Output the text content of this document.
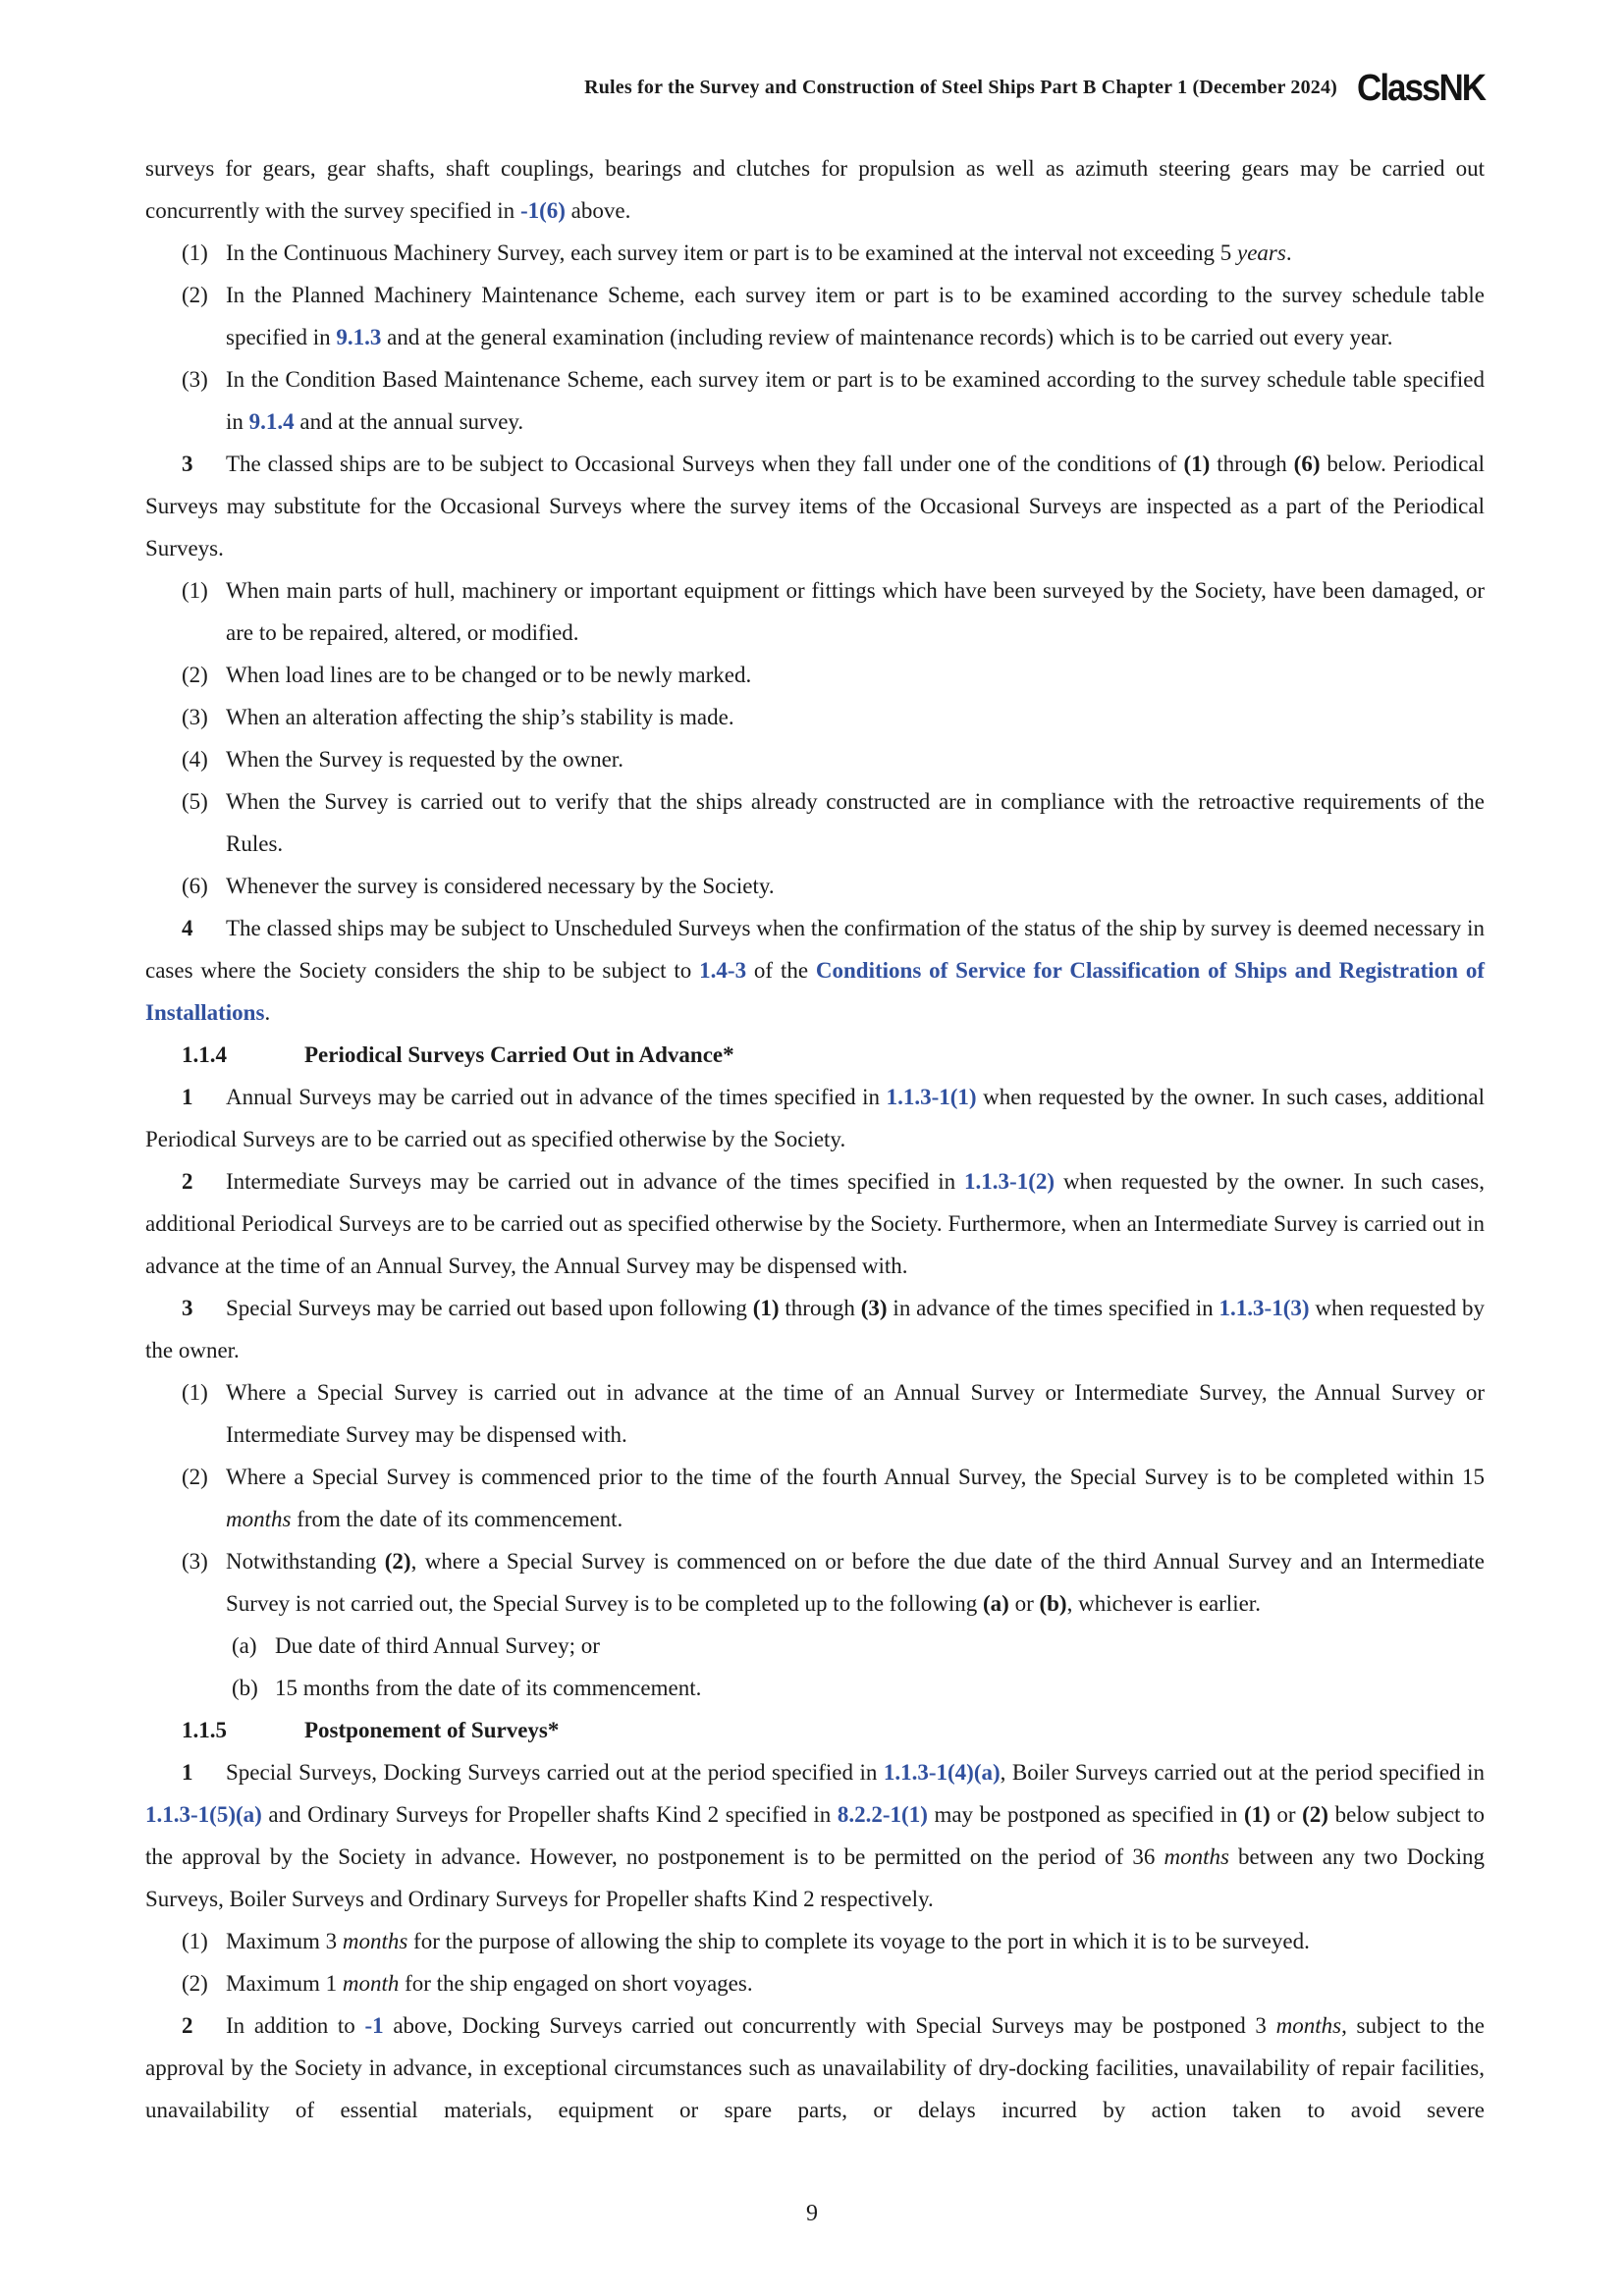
Rules for the Survey and Construction of Steel Ships Part B Chapter 1 (December 2024) ClassNK
surveys for gears, gear shafts, shaft couplings, bearings and clutches for propulsion as well as azimuth steering gears may be carried out concurrently with the survey specified in -1(6) above.
(1) In the Continuous Machinery Survey, each survey item or part is to be examined at the interval not exceeding 5 years.
(2) In the Planned Machinery Maintenance Scheme, each survey item or part is to be examined according to the survey schedule table specified in 9.1.3 and at the general examination (including review of maintenance records) which is to be carried out every year.
(3) In the Condition Based Maintenance Scheme, each survey item or part is to be examined according to the survey schedule table specified in 9.1.4 and at the annual survey.
3 The classed ships are to be subject to Occasional Surveys when they fall under one of the conditions of (1) through (6) below. Periodical Surveys may substitute for the Occasional Surveys where the survey items of the Occasional Surveys are inspected as a part of the Periodical Surveys.
(1) When main parts of hull, machinery or important equipment or fittings which have been surveyed by the Society, have been damaged, or are to be repaired, altered, or modified.
(2) When load lines are to be changed or to be newly marked.
(3) When an alteration affecting the ship’s stability is made.
(4) When the Survey is requested by the owner.
(5) When the Survey is carried out to verify that the ships already constructed are in compliance with the retroactive requirements of the Rules.
(6) Whenever the survey is considered necessary by the Society.
4 The classed ships may be subject to Unscheduled Surveys when the confirmation of the status of the ship by survey is deemed necessary in cases where the Society considers the ship to be subject to 1.4-3 of the Conditions of Service for Classification of Ships and Registration of Installations.
1.1.4	Periodical Surveys Carried Out in Advance*
1 Annual Surveys may be carried out in advance of the times specified in 1.1.3-1(1) when requested by the owner. In such cases, additional Periodical Surveys are to be carried out as specified otherwise by the Society.
2 Intermediate Surveys may be carried out in advance of the times specified in 1.1.3-1(2) when requested by the owner. In such cases, additional Periodical Surveys are to be carried out as specified otherwise by the Society. Furthermore, when an Intermediate Survey is carried out in advance at the time of an Annual Survey, the Annual Survey may be dispensed with.
3 Special Surveys may be carried out based upon following (1) through (3) in advance of the times specified in 1.1.3-1(3) when requested by the owner.
(1) Where a Special Survey is carried out in advance at the time of an Annual Survey or Intermediate Survey, the Annual Survey or Intermediate Survey may be dispensed with.
(2) Where a Special Survey is commenced prior to the time of the fourth Annual Survey, the Special Survey is to be completed within 15 months from the date of its commencement.
(3) Notwithstanding (2), where a Special Survey is commenced on or before the due date of the third Annual Survey and an Intermediate Survey is not carried out, the Special Survey is to be completed up to the following (a) or (b), whichever is earlier.
(a) Due date of third Annual Survey; or
(b) 15 months from the date of its commencement.
1.1.5	Postponement of Surveys*
1 Special Surveys, Docking Surveys carried out at the period specified in 1.1.3-1(4)(a), Boiler Surveys carried out at the period specified in 1.1.3-1(5)(a) and Ordinary Surveys for Propeller shafts Kind 2 specified in 8.2.2-1(1) may be postponed as specified in (1) or (2) below subject to the approval by the Society in advance. However, no postponement is to be permitted on the period of 36 months between any two Docking Surveys, Boiler Surveys and Ordinary Surveys for Propeller shafts Kind 2 respectively.
(1) Maximum 3 months for the purpose of allowing the ship to complete its voyage to the port in which it is to be surveyed.
(2) Maximum 1 month for the ship engaged on short voyages.
2 In addition to -1 above, Docking Surveys carried out concurrently with Special Surveys may be postponed 3 months, subject to the approval by the Society in advance, in exceptional circumstances such as unavailability of dry-docking facilities, unavailability of repair facilities, unavailability of essential materials, equipment or spare parts, or delays incurred by action taken to avoid severe
9
